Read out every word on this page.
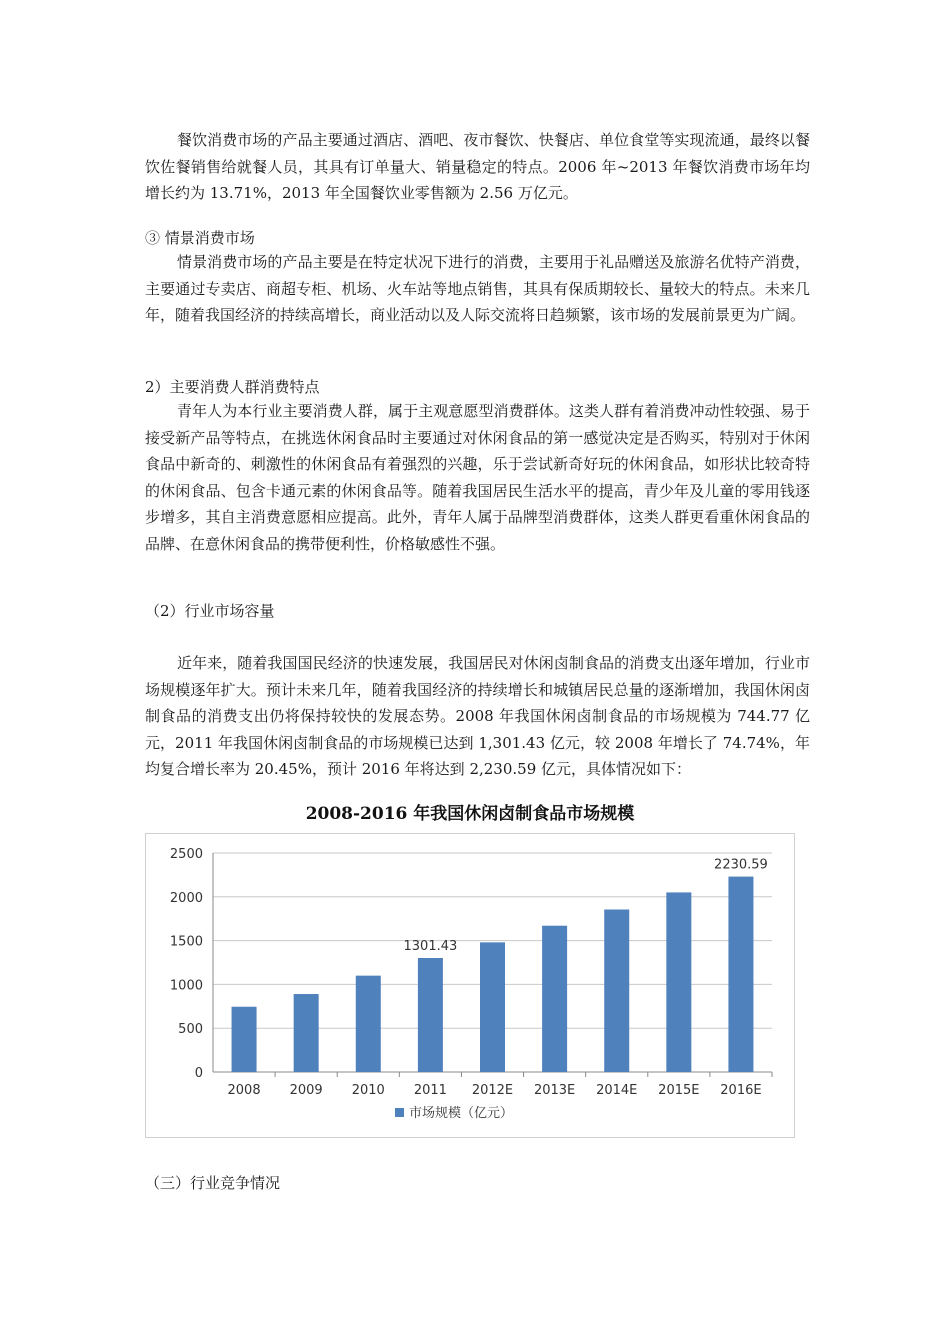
餐饮消费市场的产品主要通过酒店、酒吧、夜市餐饮、快餐店、单位食堂等实现流通，最终以餐饮佐餐销售给就餐人员，其具有订单量大、销量稳定的特点。2006 年~2013 年餐饮消费市场年均增长约为 13.71%，2013 年全国餐饮业零售额为 2.56 万亿元。

③ 情景消费市场

情景消费市场的产品主要是在特定状况下进行的消费，主要用于礼品赠送及旅游名优特产消费，主要通过专卖店、商超专柜、机场、火车站等地点销售，其具有保质期较长、量较大的特点。未来几年，随着我国经济的持续高增长，商业活动以及人际交流将日趋频繁，该市场的发展前景更为广阔。

2）主要消费人群消费特点

青年人为本行业主要消费人群，属于主观意愿型消费群体。这类人群有着消费冲动性较强、易于接受新产品等特点，在挑选休闲食品时主要通过对休闲食品的第一感觉决定是否购买，特别对于休闲食品中新奇的、刺激性的休闲食品有着强烈的兴趣，乐于尝试新奇好玩的休闲食品，如形状比较奇特的休闲食品、包含卡通元素的休闲食品等。随着我国居民生活水平的提高，青少年及儿童的零用钱逐步增多，其自主消费意愿相应提高。此外，青年人属于品牌型消费群体，这类人群更看重休闲食品的品牌、在意休闲食品的携带便利性，价格敏感性不强。

（2）行业市场容量

近年来，随着我国国民经济的快速发展，我国居民对休闲卤制食品的消费支出逐年增加，行业市场规模逐年扩大。预计未来几年，随着我国经济的持续增长和城镇居民总量的逐渐增加，我国休闲卤制食品的消费支出仍将保持较快的发展态势。2008 年我国休闲卤制食品的市场规模为 744.77 亿元，2011 年我国休闲卤制食品的市场规模已达到 1,301.43 亿元，较 2008 年增长了 74.74%，年均复合增长率为 20.45%，预计 2016 年将达到 2,230.59 亿元，具体情况如下：

2008-2016 年我国休闲卤制食品市场规模
0
500
1000
1500
2000
2500
2008 2009 2010 2011
1301.43
2012E 2013E 2014E 2015E 2016E
2230.59
市场规模（亿元）

（三）行业竞争情况
